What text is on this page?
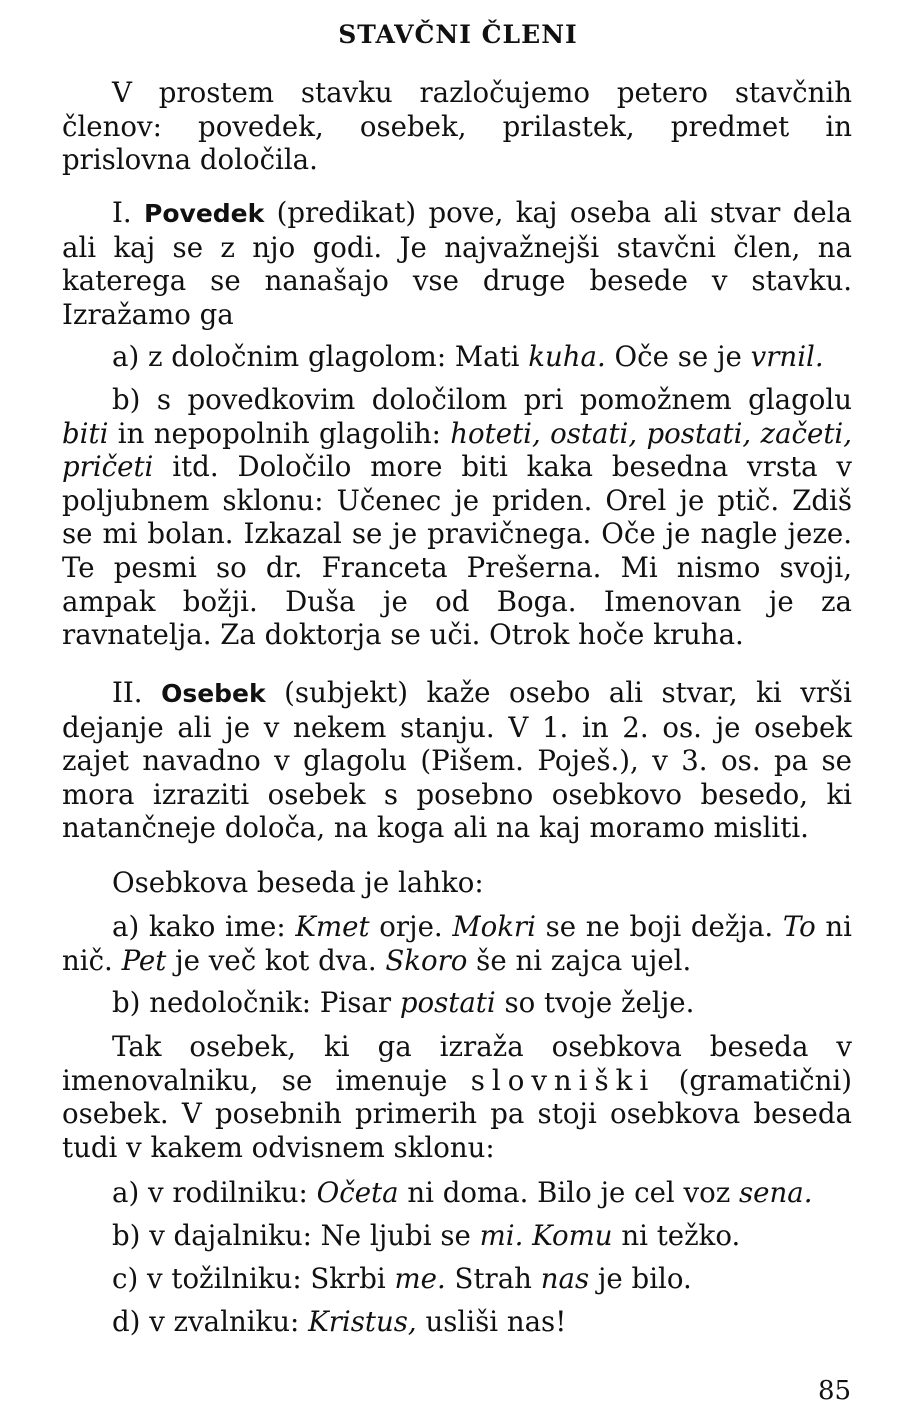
STAVČNI ČLENI

V prostem stavku razločujemo petero stavčnih členov: povedek, osebek, prilastek, predmet in prislovna določila.

I. Povedek (predikat) pove, kaj oseba ali stvar dela ali kaj se z njo godi. Je najvažnejši stavčni člen, na katerega se nanašajo vse druge besede v stavku. Izražamo ga

a) z določnim glagolom: Mati kuha. Oče se je vrnil.

b) s povedkovim določilom pri pomožnem glagolu biti in nepopolnih glagolih: hoteti, ostati, postati, začeti, pričeti itd. Določilo more biti kaka besedna vrsta v poljubnem sklonu: Učenec je priden. Orel je ptič. Zdiš se mi bolan. Izkazal se je pravičnega. Oče je nagle jeze. Te pesmi so dr. Franceta Prešerna. Mi nismo svoji, ampak božji. Duša je od Boga. Imenovan je za ravnatelja. Za doktorja se uči. Otrok hoče kruha.

II. Osebek (subjekt) kaže osebo ali stvar, ki vrši dejanje ali je v nekem stanju. V 1. in 2. os. je osebek zajet navadno v glagolu (Pišem. Poješ.), v 3. os. pa se mora izraziti osebek s posebno osebkovo besedo, ki natančneje določa, na koga ali na kaj moramo misliti.

Osebkova beseda je lahko:

a) kako ime: Kmet orje. Mokri se ne boji dežja. To ni nič. Pet je več kot dva. Skoro še ni zajca ujel.

b) nedoločnik: Pisar postati so tvoje želje.

Tak osebek, ki ga izraža osebkova beseda v imenovalniku, se imenuje slovniški (gramatični) osebek. V posebnih primerih pa stoji osebkova beseda tudi v kakem odvisnem sklonu:

a) v rodilniku: Očeta ni doma. Bilo je cel voz sena.

b) v dajalniku: Ne ljubi se mi. Komu ni težko.

c) v tožilniku: Skrbi me. Strah nas je bilo.

d) v zvalniku: Kristus, usliši nas!

85
